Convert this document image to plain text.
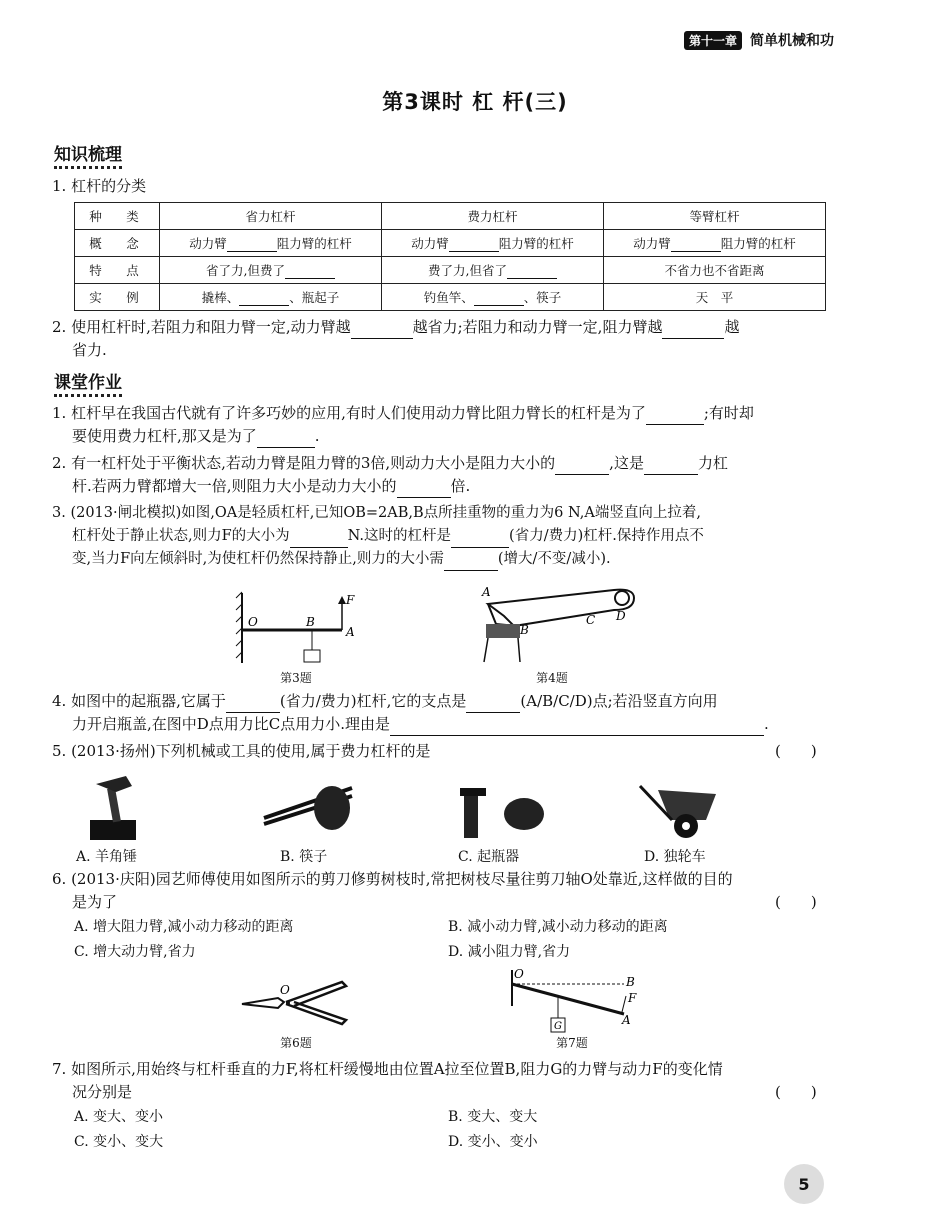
第十一章 简单机械和功
第3课时 杠 杆(三)
知识梳理
1. 杠杆的分类
种　类	省力杠杆	费力杠杆	等臂杠杆
概　念	动力臂 阻力臂的杠杆	动力臂 阻力臂的杠杆	动力臂 阻力臂的杠杆
特　点	省了力,但费了	费了力,但省了	不省力也不省距离
实　例	撬棒、 、瓶起子	钓鱼竿、 、筷子	天　平
2. 使用杠杆时,若阻力和阻力臂一定,动力臂越	越省力;若阻力和动力臂一定,阻力臂越	越
省力.
课堂作业
1. 杠杆早在我国古代就有了许多巧妙的应用,有时人们使用动力臂比阻力臂长的杠杆是为了	;有时却
要使用费力杠杆,那又是为了	.
2. 有一杠杆处于平衡状态,若动力臂是阻力臂的3倍,则动力大小是阻力大小的	,这是	力杠
杆.若两力臂都增大一倍,则阻力大小是动力大小的	倍.
3. (2013·闸北模拟)如图,OA是轻质杠杆,已知OB=2AB,B点所挂重物的重力为6 N,A端竖直向上拉着,
杠杆处于静止状态,则力F的大小为	N.这时的杠杆是	(省力/费力)杠杆.保持作用点不
变,当力F向左倾斜时,为使杠杆仍然保持静止,则力的大小需	(增大/不变/减小).
O	B
F
A
第3题
A
B
C D
第4题
4. 如图中的起瓶器,它属于	(省力/费力)杠杆,它的支点是	(A/B/C/D)点;若沿竖直方向用
力开启瓶盖,在图中D点用力比C点用力小.理由是	.
5. (2013·扬州)下列机械或工具的使用,属于费力杠杆的是	(　　)
A. 羊角锤	B. 筷子	C. 起瓶器	D. 独轮车
6. (2013·庆阳)园艺师傅使用如图所示的剪刀修剪树枝时,常把树枝尽量往剪刀轴O处靠近,这样做的目的
是为了	(　　)
A. 增大阻力臂,减小动力移动的距离	B. 减小动力臂,减小动力移动的距离
C. 增大动力臂,省力	D. 减小阻力臂,省力
O
第6题
O
B
F
A
G
第7题
7. 如图所示,用始终与杠杆垂直的力F,将杠杆缓慢地由位置A拉至位置B,阻力G的力臂与动力F的变化情
况分别是	(　　)
A. 变大、变小	B. 变大、变大
C. 变小、变大	D. 变小、变小
5
